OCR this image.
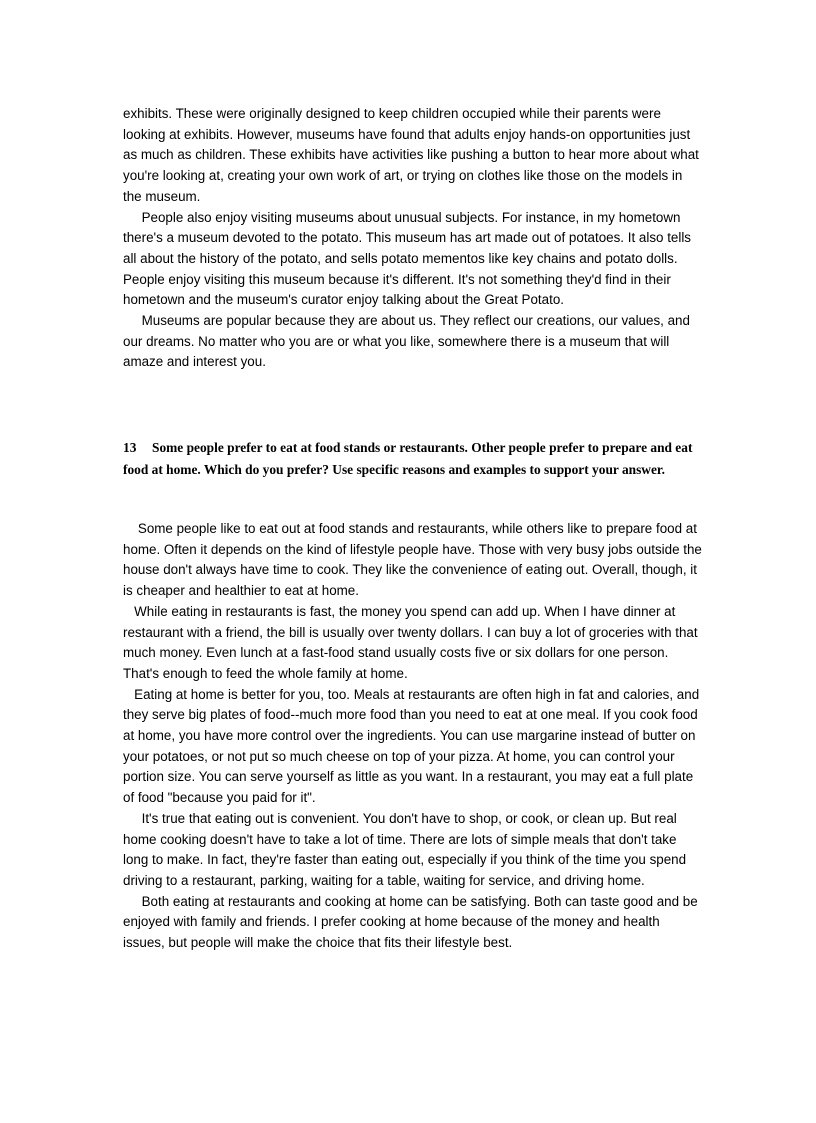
exhibits. These were originally designed to keep children occupied while their parents were looking at exhibits. However, museums have found that adults enjoy hands-on opportunities just as much as children. These exhibits have activities like pushing a button to hear more about what you're looking at, creating your own work of art, or trying on clothes like those on the models in the museum.

People also enjoy visiting museums about unusual subjects. For instance, in my hometown there's a museum devoted to the potato. This museum has art made out of potatoes. It also tells all about the history of the potato, and sells potato mementos like key chains and potato dolls.

People enjoy visiting this museum because it's different. It's not something they'd find in their hometown and the museum's curator enjoy talking about the Great Potato.

Museums are popular because they are about us. They reflect our creations, our values, and our dreams. No matter who you are or what you like, somewhere there is a museum that will amaze and interest you.

13 Some people prefer to eat at food stands or restaurants. Other people prefer to prepare and eat food at home. Which do you prefer? Use specific reasons and examples to support your answer.

Some people like to eat out at food stands and restaurants, while others like to prepare food at home. Often it depends on the kind of lifestyle people have. Those with very busy jobs outside the house don't always have time to cook. They like the convenience of eating out. Overall, though, it is cheaper and healthier to eat at home.

While eating in restaurants is fast, the money you spend can add up. When I have dinner at restaurant with a friend, the bill is usually over twenty dollars. I can buy a lot of groceries with that much money. Even lunch at a fast-food stand usually costs five or six dollars for one person. That's enough to feed the whole family at home.

Eating at home is better for you, too. Meals at restaurants are often high in fat and calories, and they serve big plates of food--much more food than you need to eat at one meal. If you cook food at home, you have more control over the ingredients. You can use margarine instead of butter on your potatoes, or not put so much cheese on top of your pizza. At home, you can control your portion size. You can serve yourself as little as you want. In a restaurant, you may eat a full plate of food "because you paid for it".

It's true that eating out is convenient. You don't have to shop, or cook, or clean up. But real home cooking doesn't have to take a lot of time. There are lots of simple meals that don't take long to make. In fact, they're faster than eating out, especially if you think of the time you spend driving to a restaurant, parking, waiting for a table, waiting for service, and driving home.

Both eating at restaurants and cooking at home can be satisfying. Both can taste good and be enjoyed with family and friends. I prefer cooking at home because of the money and health issues, but people will make the choice that fits their lifestyle best.
